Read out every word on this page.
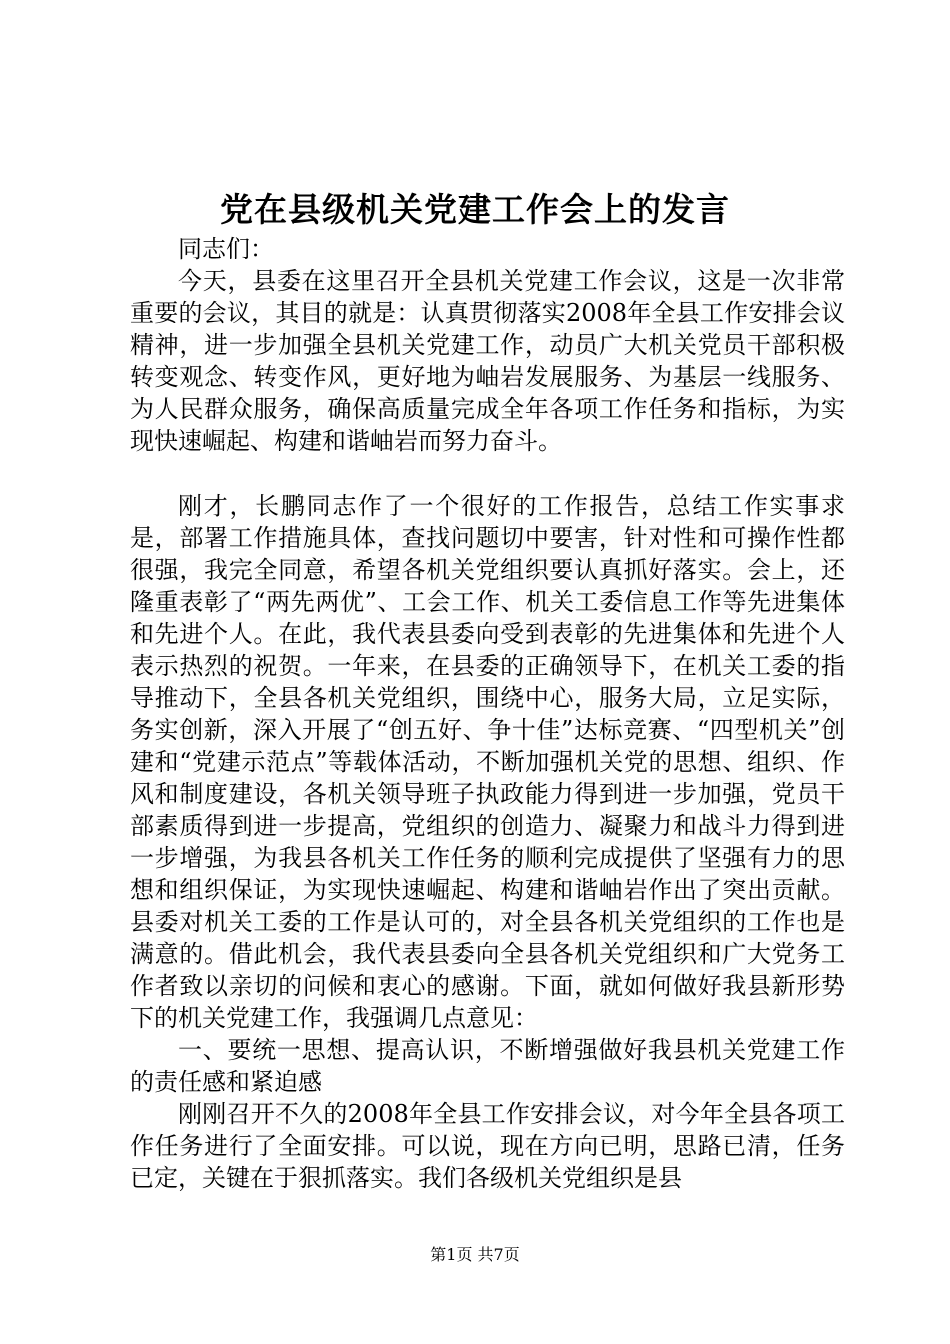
党在县级机关党建工作会上的发言

同志们：

今天，县委在这里召开全县机关党建工作会议，这是一次非常重要的会议，其目的就是：认真贯彻落实2008年全县工作安排会议精神，进一步加强全县机关党建工作，动员广大机关党员干部积极转变观念、转变作风，更好地为岫岩发展服务、为基层一线服务、为人民群众服务，确保高质量完成全年各项工作任务和指标，为实现快速崛起、构建和谐岫岩而努力奋斗。

刚才，长鹏同志作了一个很好的工作报告，总结工作实事求是，部署工作措施具体，查找问题切中要害，针对性和可操作性都很强，我完全同意，希望各机关党组织要认真抓好落实。会上，还隆重表彰了“两先两优”、工会工作、机关工委信息工作等先进集体和先进个人。在此，我代表县委向受到表彰的先进集体和先进个人表示热烈的祝贺。一年来，在县委的正确领导下，在机关工委的指导推动下，全县各机关党组织，围绕中心，服务大局，立足实际，务实创新，深入开展了“创五好、争十佳”达标竞赛、“四型机关”创建和“党建示范点”等载体活动，不断加强机关党的思想、组织、作风和制度建设，各机关领导班子执政能力得到进一步加强，党员干部素质得到进一步提高，党组织的创造力、凝聚力和战斗力得到进一步增强，为我县各机关工作任务的顺利完成提供了坚强有力的思想和组织保证，为实现快速崛起、构建和谐岫岩作出了突出贡献。县委对机关工委的工作是认可的，对全县各机关党组织的工作也是满意的。借此机会，我代表县委向全县各机关党组织和广大党务工作者致以亲切的问候和衷心的感谢。下面，就如何做好我县新形势下的机关党建工作，我强调几点意见：

一、要统一思想、提高认识，不断增强做好我县机关党建工作的责任感和紧迫感

刚刚召开不久的2008年全县工作安排会议，对今年全县各项工作任务进行了全面安排。可以说，现在方向已明，思路已清，任务已定，关键在于狠抓落实。我们各级机关党组织是县

第1页 共7页
